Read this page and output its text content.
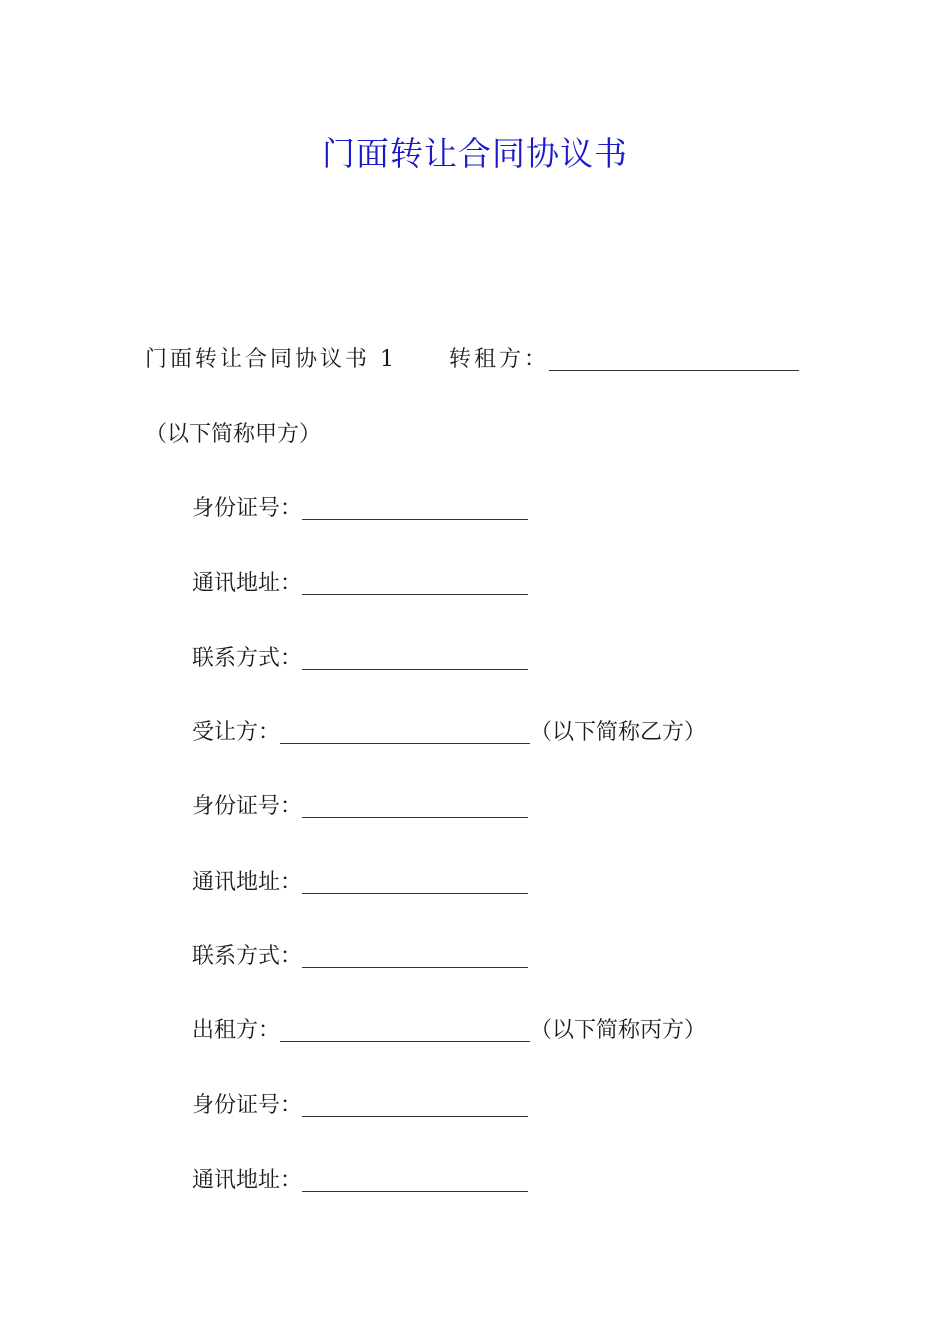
门面转让合同协议书
门面转让合同协议书 1 转租方：
（以下简称甲方）
身份证号：
通讯地址：
联系方式：
受让方：	（以下简称乙方）
身份证号：
通讯地址：
联系方式：
出租方：	（以下简称丙方）
身份证号：
通讯地址：
